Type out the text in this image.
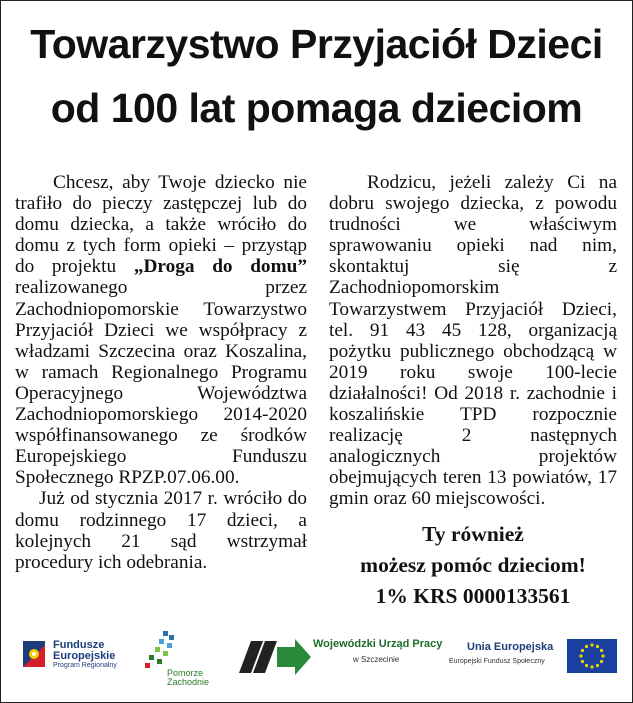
Towarzystwo Przyjaciół Dzieci
od 100 lat pomaga dzieciom

Chcesz, aby Twoje dziecko nie trafiło do pieczy zastępczej lub do domu dziecka, a także wróciło do domu z tych form opieki – przystąp do projektu „Droga do domu” realizowanego przez Zachodniopomorskie Towarzystwo Przyjaciół Dzieci we współpracy z władzami Szczecina oraz Koszalina, w ramach Regionalnego Programu Operacyjnego Województwa Zachodniopomorskiego 2014-2020 współfinansowanego ze środków Europejskiego Funduszu Społecznego RPZP.07.06.00.

Już od stycznia 2017 r. wróciło do domu rodzinnego 17 dzieci, a kolejnych 21 sąd wstrzymał procedury ich odebrania.

Rodzicu, jeżeli zależy Ci na dobru swojego dziecka, z powodu trudności we właściwym sprawowaniu opieki nad nim, skontaktuj się z Zachodniopomorskim Towarzystwem Przyjaciół Dzieci, tel. 91 43 45 128, organizacją pożytku publicznego obchodzącą w 2019 roku swoje 100-lecie działalności! Od 2018 r. zachodnie i koszalińskie TPD rozpocznie realizację 2 następnych analogicznych projektów obejmujących teren 13 powiatów, 17 gmin oraz 60 miejscowości.

Ty również
możesz pomóc dzieciom!
1% KRS 0000133561
Fundusze
Europejskie
Program Regionalny
Pomorze
Zachodnie
Wojewódzki Urząd Pracy
w Szczecinie
Unia Europejska
Europejski Fundusz Społeczny
